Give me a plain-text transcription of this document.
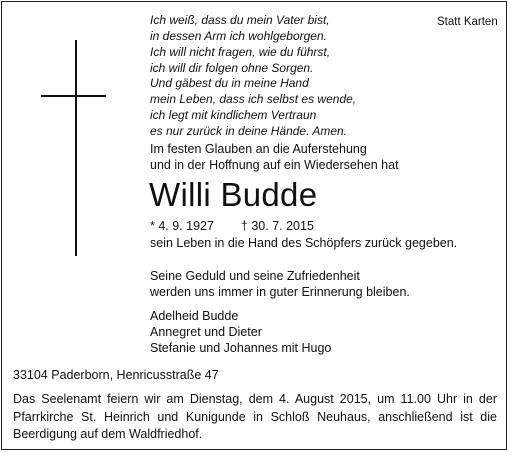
Statt Karten
Ich weiß, dass du mein Vater bist,
in dessen Arm ich wohlgeborgen.
Ich will nicht fragen, wie du führst,
ich will dir folgen ohne Sorgen.
Und gäbest du in meine Hand
mein Leben, dass ich selbst es wende,
ich legt mit kindlichem Vertraun
es nur zurück in deine Hände. Amen.
Im festen Glauben an die Auferstehung
und in der Hoffnung auf ein Wiedersehen hat
Willi Budde
* 4. 9. 1927 † 30. 7. 2015
sein Leben in die Hand des Schöpfers zurück gegeben.
Seine Geduld und seine Zufriedenheit
werden uns immer in guter Erinnerung bleiben.
Adelheid Budde
Annegret und Dieter
Stefanie und Johannes mit Hugo
33104 Paderborn, Henricusstraße 47
Das Seelenamt feiern wir am Dienstag, dem 4. August 2015, um 11.00 Uhr in der
Pfarrkirche St. Heinrich und Kunigunde in Schloß Neuhaus, anschließend ist die
Beerdigung auf dem Waldfriedhof.
